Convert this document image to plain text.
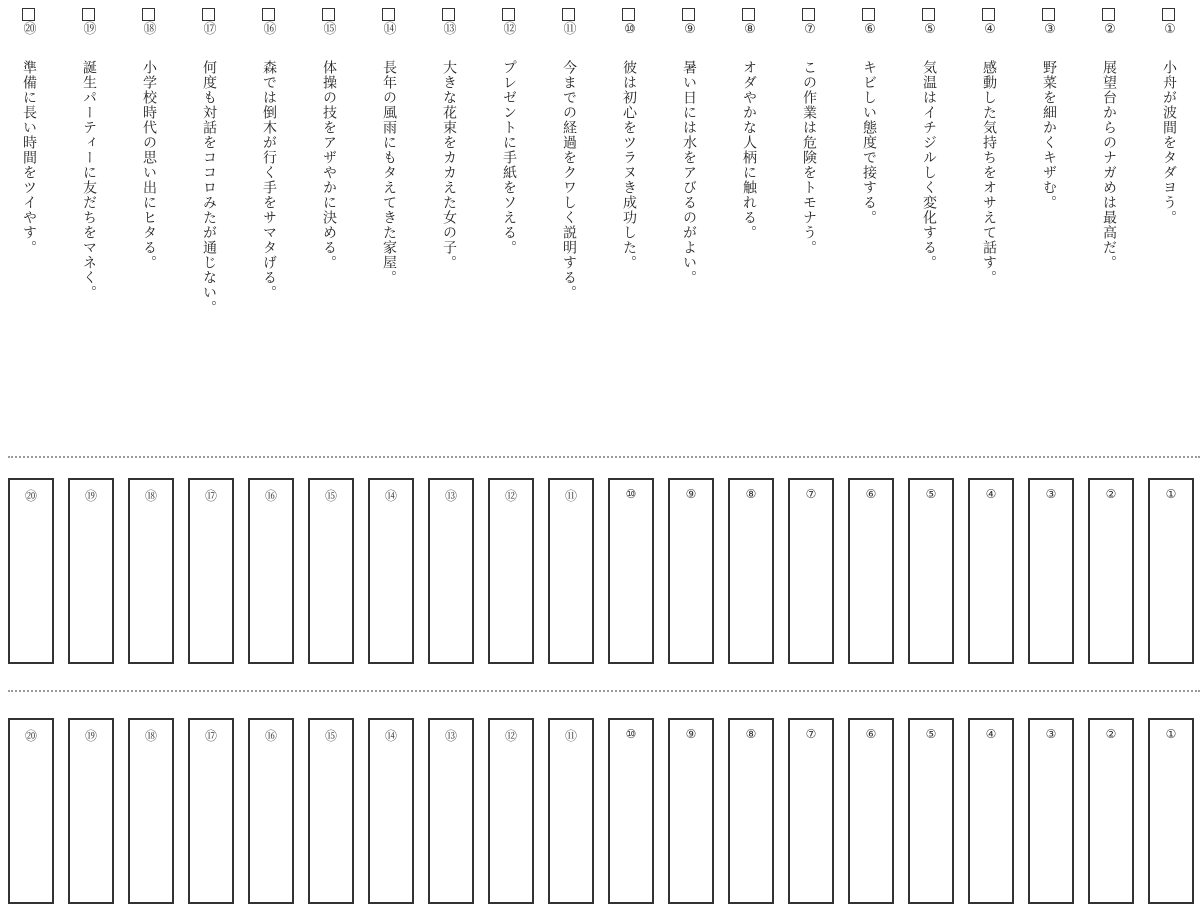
①
小舟が波間をタダヨう。
②
展望台からのナガめは最高だ。
③
野菜を細かくキザむ。
④
感動した気持ちをオサえて話す。
⑤
気温はイチジルしく変化する。
⑥
キビしい態度で接する。
⑦
この作業は危険をトモナう。
⑧
オダやかな人柄に触れる。
⑨
暑い日には水をアびるのがよい。
⑩
彼は初心をツラヌき成功した。
⑪
今までの経過をクワしく説明する。
⑫
プレゼントに手紙をソえる。
⑬
大きな花束をカカえた女の子。
⑭
長年の風雨にもタえてきた家屋。
⑮
体操の技をアザやかに決める。
⑯
森では倒木が行く手をサマタげる。
⑰
何度も対話をココロみたが通じない。
⑱
小学校時代の思い出にヒタる。
⑲
誕生パーティーに友だちをマネく。
⑳
準備に長い時間をツイやす。
①
②
③
④
⑤
⑥
⑦
⑧
⑨
⑩
⑪
⑫
⑬
⑭
⑮
⑯
⑰
⑱
⑲
⑳
①
②
③
④
⑤
⑥
⑦
⑧
⑨
⑩
⑪
⑫
⑬
⑭
⑮
⑯
⑰
⑱
⑲
⑳
